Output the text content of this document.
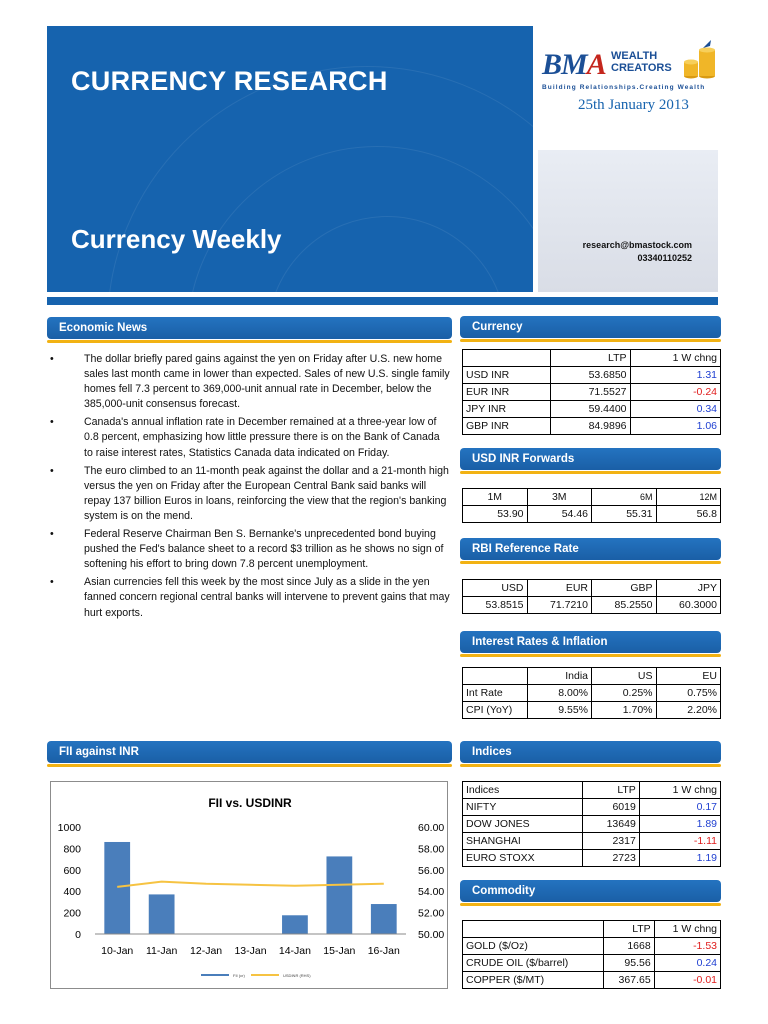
CURRENCY RESEARCH
Currency Weekly
BMA WEALTH
CREATORS
Building Relationships.Creating Wealth
25th January 2013
research@bmastock.com
03340110252
Economic News
•	The dollar briefly pared gains against the yen on Friday after U.S. new home sales last month came in lower than expected. Sales of new U.S. single family homes fell 7.3 percent to 369,000-unit annual rate in December, below the 385,000-unit consensus forecast.
•	Canada's annual inflation rate in December remained at a three-year low of 0.8 percent, emphasizing how little pressure there is on the Bank of Canada to raise interest rates, Statistics Canada data indicated on Friday.
•	The euro climbed to an 11-month peak against the dollar and a 21-month high versus the yen on Friday after the European Central Bank said banks will repay 137 billion Euros in loans, reinforcing the view that the region's banking system is on the mend.
•	Federal Reserve Chairman Ben S. Bernanke's unprecedented bond buying pushed the Fed's balance sheet to a record $3 trillion as he shows no sign of softening his effort to bring down 7.8 percent unemployment.
•	Asian currencies fell this week by the most since July as a slide in the yen fanned concern regional central banks will intervene to prevent gains that may hurt exports.
FII against INR
FII vs. USDINR
0
200
400
600
800
1000
50.00
52.00
54.00
56.00
58.00
60.00
10-Jan 11-Jan 12-Jan 13-Jan 14-Jan 15-Jan 16-Jan
FII (cr)	USDINR (RHS)
Currency
	LTP	1 W chng
USD INR	53.6850	1.31
EUR INR	71.5527	-0.24
JPY INR	59.4400	0.34
GBP INR	84.9896	1.06
USD INR Forwards
1M	3M	6M	12M
53.90	54.46	55.31	56.8
RBI Reference Rate
USD	EUR	GBP	JPY
53.8515	71.7210	85.2550	60.3000
Interest Rates & Inflation
	India	US	EU
Int Rate	8.00%	0.25%	0.75%
CPI (YoY)	9.55%	1.70%	2.20%
Indices
Indices	LTP	1 W chng
NIFTY	6019	0.17
DOW JONES	13649	1.89
SHANGHAI	2317	-1.11
EURO STOXX	2723	1.19
Commodity
	LTP	1 W chng
GOLD ($/Oz)	1668	-1.53
CRUDE OIL ($/barrel)	95.56	0.24
COPPER ($/MT)	367.65	-0.01
